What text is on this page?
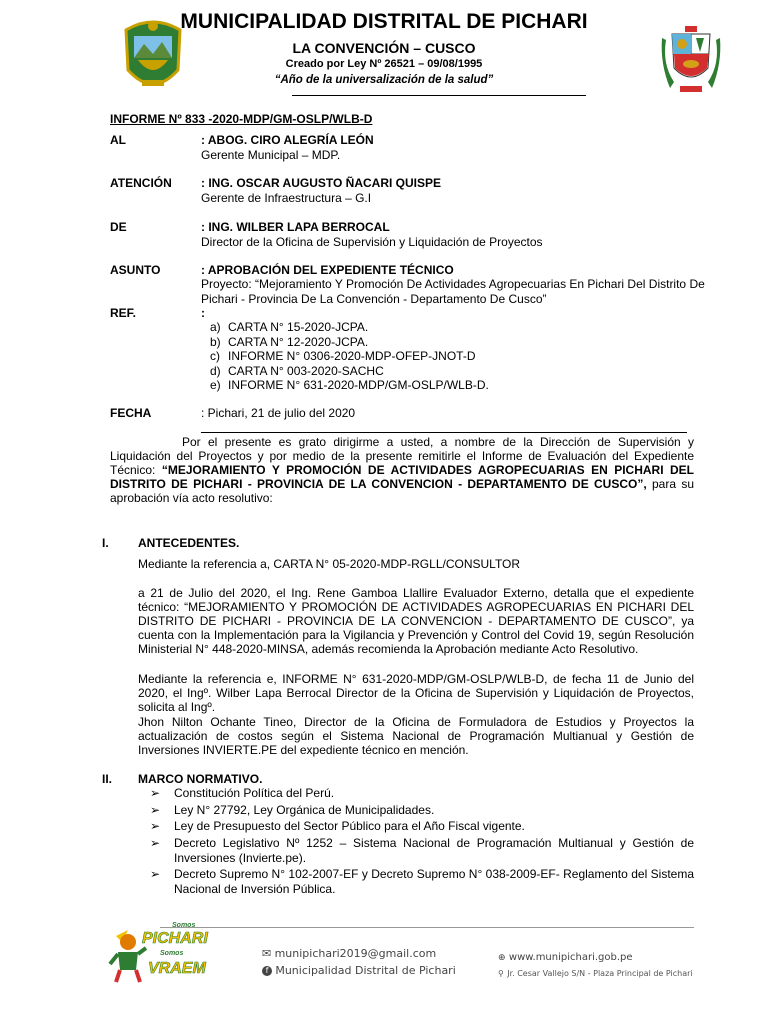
MUNICIPALIDAD DISTRITAL DE PICHARI
LA CONVENCIÓN – CUSCO
Creado por Ley Nº 26521 – 09/08/1995
“Año de la universalización de la salud”
INFORME Nº 833 -2020-MDP/GM-OSLP/WLB-D
AL	: ABOG. CIRO ALEGRÍA LEÓN
Gerente Municipal – MDP.
ATENCIÓN : ING. OSCAR AUGUSTO ÑACARI QUISPE
Gerente de Infraestructura – G.I
DE	: ING. WILBER LAPA BERROCAL
Director de la Oficina de Supervisión y Liquidación de Proyectos
ASUNTO	: APROBACIÓN DEL EXPEDIENTE TÉCNICO
Proyecto: “Mejoramiento Y Promoción De Actividades Agropecuarias En Pichari Del Distrito De
Pichari - Provincia De La Convención - Departamento De Cusco”
REF.	:
a) CARTA N° 15-2020-JCPA.
b) CARTA N° 12-2020-JCPA.
c) INFORME N° 0306-2020-MDP-OFEP-JNOT-D
d) CARTA N° 003-2020-SACHC
e) INFORME N° 631-2020-MDP/GM-OSLP/WLB-D.
FECHA	: Pichari, 21 de julio del 2020
Por el presente es grato dirigirme a usted, a nombre de la Dirección de Supervisión y Liquidación del Proyectos y por medio de la presente remitirle el Informe de Evaluación del Expediente Técnico: “MEJORAMIENTO Y PROMOCIÓN DE ACTIVIDADES AGROPECUARIAS EN PICHARI DEL DISTRITO DE PICHARI - PROVINCIA DE LA CONVENCION - DEPARTAMENTO DE CUSCO”, para su aprobación vía acto resolutivo:
I. ANTECEDENTES.
Mediante la referencia a, CARTA N° 05-2020-MDP-RGLL/CONSULTOR
a 21 de Julio del 2020, el Ing. Rene Gamboa Llallire Evaluador Externo, detalla que el expediente técnico: “MEJORAMIENTO Y PROMOCIÓN DE ACTIVIDADES AGROPECUARIAS EN PICHARI DEL DISTRITO DE PICHARI - PROVINCIA DE LA CONVENCION - DEPARTAMENTO DE CUSCO”, ya cuenta con la Implementación para la Vigilancia y Prevención y Control del Covid 19, según Resolución Ministerial N° 448-2020-MINSA, además recomienda la Aprobación mediante Acto Resolutivo.
Mediante la referencia e, INFORME N° 631-2020-MDP/GM-OSLP/WLB-D, de fecha 11 de Junio del 2020, el Ingº. Wilber Lapa Berrocal Director de la Oficina de Supervisión y Liquidación de Proyectos, solicita al Ingº.
Jhon Nilton Ochante Tineo, Director de la Oficina de Formuladora de Estudios y Proyectos la actualización de costos según el Sistema Nacional de Programación Multianual y Gestión de Inversiones INVIERTE.PE del expediente técnico en mención.
II. MARCO NORMATIVO.
➢ Constitución Política del Perú.
➢ Ley N° 27792, Ley Orgánica de Municipalidades.
➢ Ley de Presupuesto del Sector Público para el Año Fiscal vigente.
➢ Decreto Legislativo Nº 1252 – Sistema Nacional de Programación Multianual y Gestión de Inversiones (Invierte.pe).
➢ Decreto Supremo N° 102-2007-EF y Decreto Supremo N° 038-2009-EF- Reglamento del Sistema Nacional de Inversión Pública.
Somos
PICHARI
Somos
VRAEM
✉ munipichari2019@gmail.com
f Municipalidad Distrital de Pichari
⊕ www.munipichari.gob.pe
⚲ Jr. Cesar Vallejo S/N - Plaza Principal de Pichari
